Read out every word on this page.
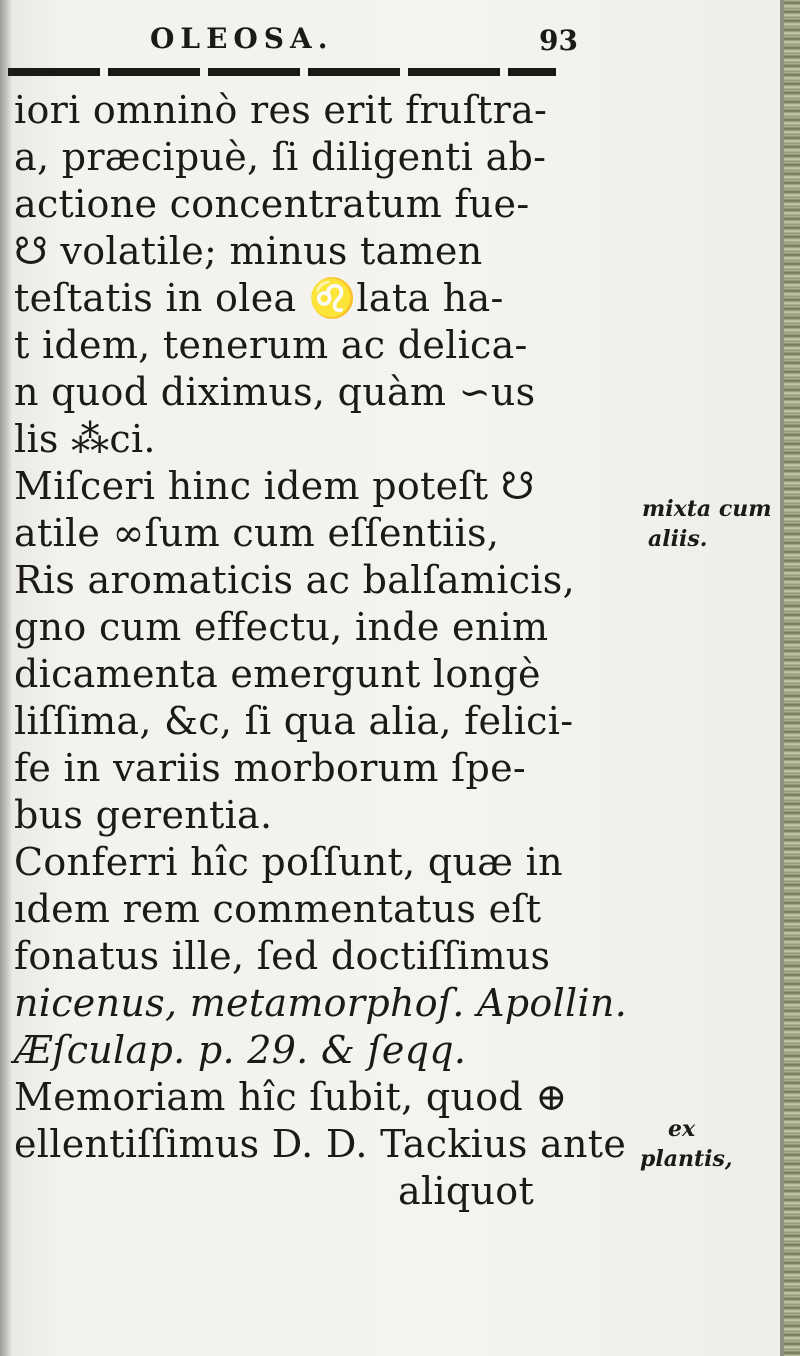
OLEOSA.	93
iori omninò res erit fruſtra-
a, præcipuè, ſi diligenti ab-
actione concentratum fue-
☋ volatile; minus tamen
teſtatis in olea ♌lata ha-
t idem, tenerum ac delica-
n quod diximus, quàm ∽us
lis ⁂ci.
Miſceri hinc idem poteſt ☋
atile ∞ſum cum eſſentiis,
Ris aromaticis ac balſamicis,
gno cum effectu, inde enim
dicamenta emergunt longè
liſſima, &c, ſi qua alia, felici-
fe in variis morborum ſpe-
bus gerentia.
Conferri hîc poſſunt, quæ in
ıdem rem commentatus eſt
fonatus ille, ſed doctiſſimus
nicenus, metamorphoſ. Apollin.
Æſculap. p. 29. & ſeqq.
Memoriam hîc ſubit, quod ⊕
ellentiſſimus D. D. Tackius ante
aliquot
mixta cum
aliis.
ex
plantis,
